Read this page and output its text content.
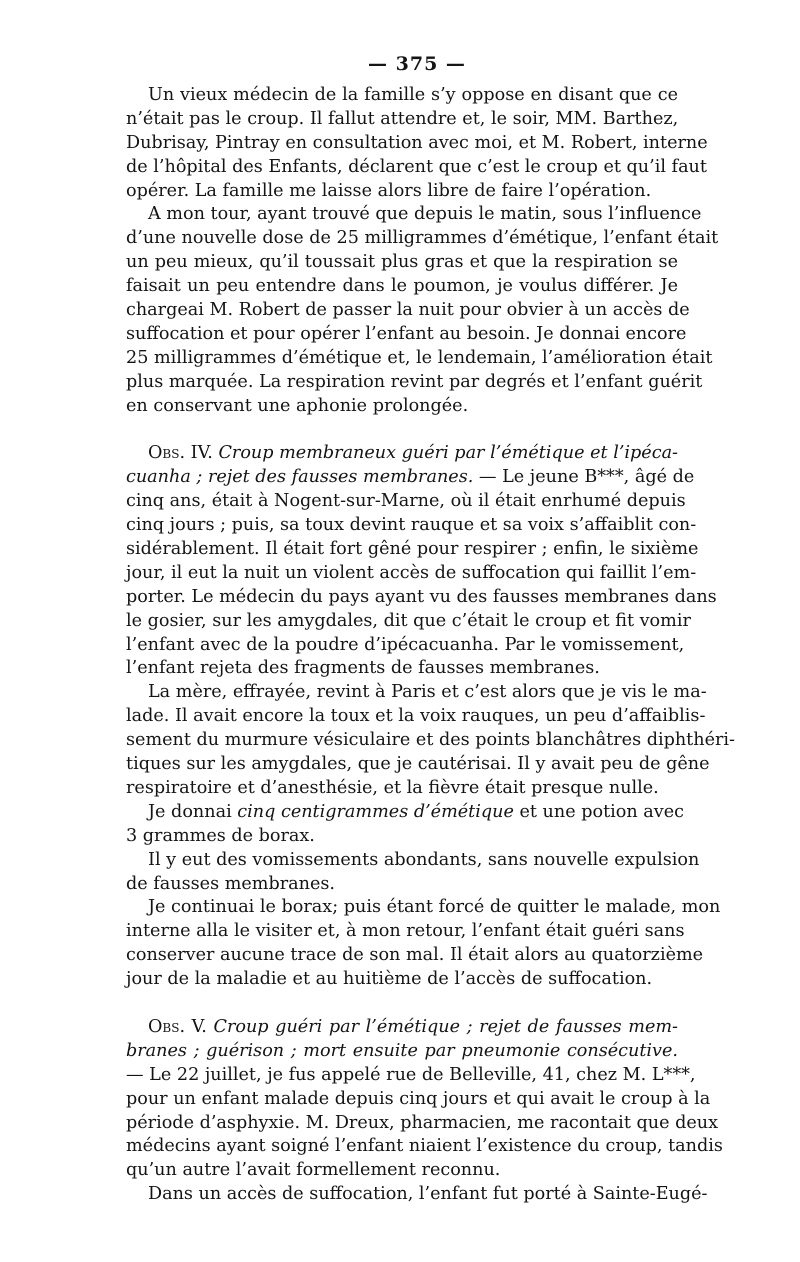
— 375 —
Un vieux médecin de la famille s’y oppose en disant que ce
n’était pas le croup. Il fallut attendre et, le soir, MM. Barthez,
Dubrisay, Pintray en consultation avec moi, et M. Robert, interne
de l’hôpital des Enfants, déclarent que c’est le croup et qu’il faut
opérer. La famille me laisse alors libre de faire l’opération.
A mon tour, ayant trouvé que depuis le matin, sous l’influence
d’une nouvelle dose de 25 milligrammes d’émétique, l’enfant était
un peu mieux, qu’il toussait plus gras et que la respiration se
faisait un peu entendre dans le poumon, je voulus différer. Je
chargeai M. Robert de passer la nuit pour obvier à un accès de
suffocation et pour opérer l’enfant au besoin. Je donnai encore
25 milligrammes d’émétique et, le lendemain, l’amélioration était
plus marquée. La respiration revint par degrés et l’enfant guérit
en conservant une aphonie prolongée.
Obs. IV. Croup membraneux guéri par l’émétique et l’ipéca-
cuanha ; rejet des fausses membranes. — Le jeune B***, âgé de
cinq ans, était à Nogent-sur-Marne, où il était enrhumé depuis
cinq jours ; puis, sa toux devint rauque et sa voix s’affaiblit con-
sidérablement. Il était fort gêné pour respirer ; enfin, le sixième
jour, il eut la nuit un violent accès de suffocation qui faillit l’em-
porter. Le médecin du pays ayant vu des fausses membranes dans
le gosier, sur les amygdales, dit que c’était le croup et fit vomir
l’enfant avec de la poudre d’ipécacuanha. Par le vomissement,
l’enfant rejeta des fragments de fausses membranes.
La mère, effrayée, revint à Paris et c’est alors que je vis le ma-
lade. Il avait encore la toux et la voix rauques, un peu d’affaiblis-
sement du murmure vésiculaire et des points blanchâtres diphthéri-
tiques sur les amygdales, que je cautérisai. Il y avait peu de gêne
respiratoire et d’anesthésie, et la fièvre était presque nulle.
Je donnai cinq centigrammes d’émétique et une potion avec
3 grammes de borax.
Il y eut des vomissements abondants, sans nouvelle expulsion
de fausses membranes.
Je continuai le borax; puis étant forcé de quitter le malade, mon
interne alla le visiter et, à mon retour, l’enfant était guéri sans
conserver aucune trace de son mal. Il était alors au quatorzième
jour de la maladie et au huitième de l’accès de suffocation.
Obs. V. Croup guéri par l’émétique ; rejet de fausses mem-
branes ; guérison ; mort ensuite par pneumonie consécutive.
— Le 22 juillet, je fus appelé rue de Belleville, 41, chez M. L***,
pour un enfant malade depuis cinq jours et qui avait le croup à la
période d’asphyxie. M. Dreux, pharmacien, me racontait que deux
médecins ayant soigné l’enfant niaient l’existence du croup, tandis
qu’un autre l’avait formellement reconnu.
Dans un accès de suffocation, l’enfant fut porté à Sainte-Eugé-
